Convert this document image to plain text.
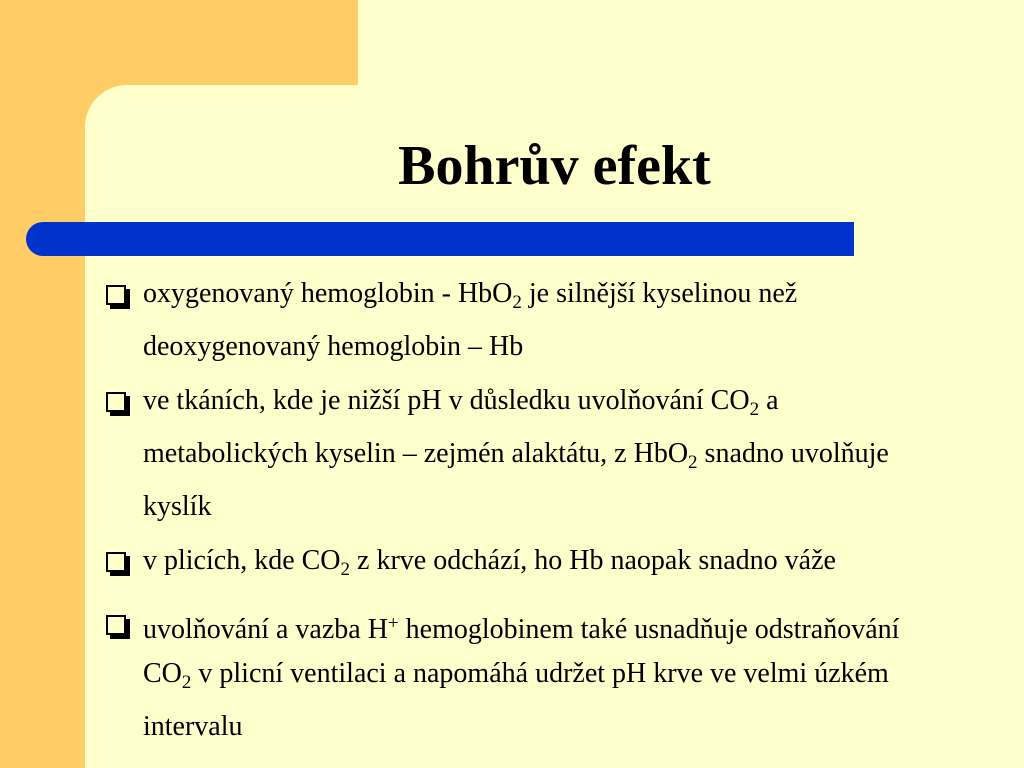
Bohrův efekt
oxygenovaný hemoglobin - HbO$_2$ je silnější kyselinou než deoxygenovaný hemoglobin – Hb
ve tkáních, kde je nižší pH v důsledku uvolňování $CO_2$ a metabolických kyselin – zejmén alaktátu, z HbO$_2$ snadno uvolňuje kyslík
v plicích, kde $CO_2$ z krve odchází, ho Hb naopak snadno váže
uvolňování a vazba H+ hemoglobinem také usnadňuje odstraňování $CO_2$ v plicní ventilaci a napomáhá udržet pH krve ve velmi úzkém intervalu
